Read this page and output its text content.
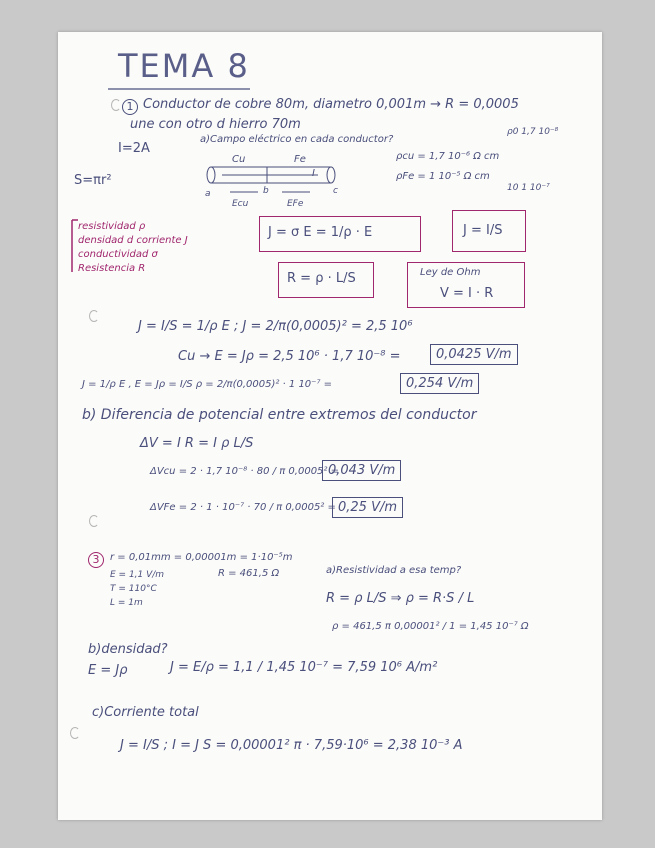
TEMA 8
1 Conductor de cobre 80m, diametro 0,001m → R = 0,0005
une con otro d hierro 70m
I=2A
a)Campo eléctrico en cada conductor?
ρ0 1,7 10⁻⁸
ρcu = 1,7 10⁻⁶ Ω cm
ρFe = 1 10⁻⁵ Ω cm
10 1 10⁻⁷
S=πr²
Cu	Fe
I
a	b	c
Ecu	EFe
resistividad ρ
densidad d corriente J
conductividad σ
Resistencia R
J = σ E = 1/ρ · E	J = I/S
R = ρ · L/S	Ley de Ohm
V = I · R
J = I/S = 1/ρ E ; J = 2/π(0,0005)² = 2,5 10⁶
Cu → E = Jρ = 2,5 10⁶ · 1,7 10⁻⁸ =	0,0425 V/m
J = 1/ρ E , E = Jρ = I/S ρ = 2/π(0,0005)² · 1 10⁻⁷ =	0,254 V/m
b) Diferencia de potencial entre extremos del conductor
ΔV = I R = I ρ L/S
ΔVcu = 2 · 1,7 10⁻⁸ · 80 / π 0,0005² =
0,043 V/m
ΔVFe = 2 · 1 · 10⁻⁷ · 70 / π 0,0005² = 0,25 V/m
3	r = 0,01mm = 0,00001m = 1·10⁻⁵m
E = 1,1 V/m
T = 110°C
L = 1m
R = 461,5 Ω	a)Resistividad a esa temp?
R = ρ L/S ⇒ ρ = R·S / L
ρ = 461,5 π 0,00001² / 1 = 1,45 10⁻⁷ Ω
b)densidad?
E = Jρ	J = E/ρ = 1,1 / 1,45 10⁻⁷ = 7,59 10⁶ A/m²
c)Corriente total
J = I/S ; I = J S = 0,00001² π · 7,59·10⁶ = 2,38 10⁻³ A
